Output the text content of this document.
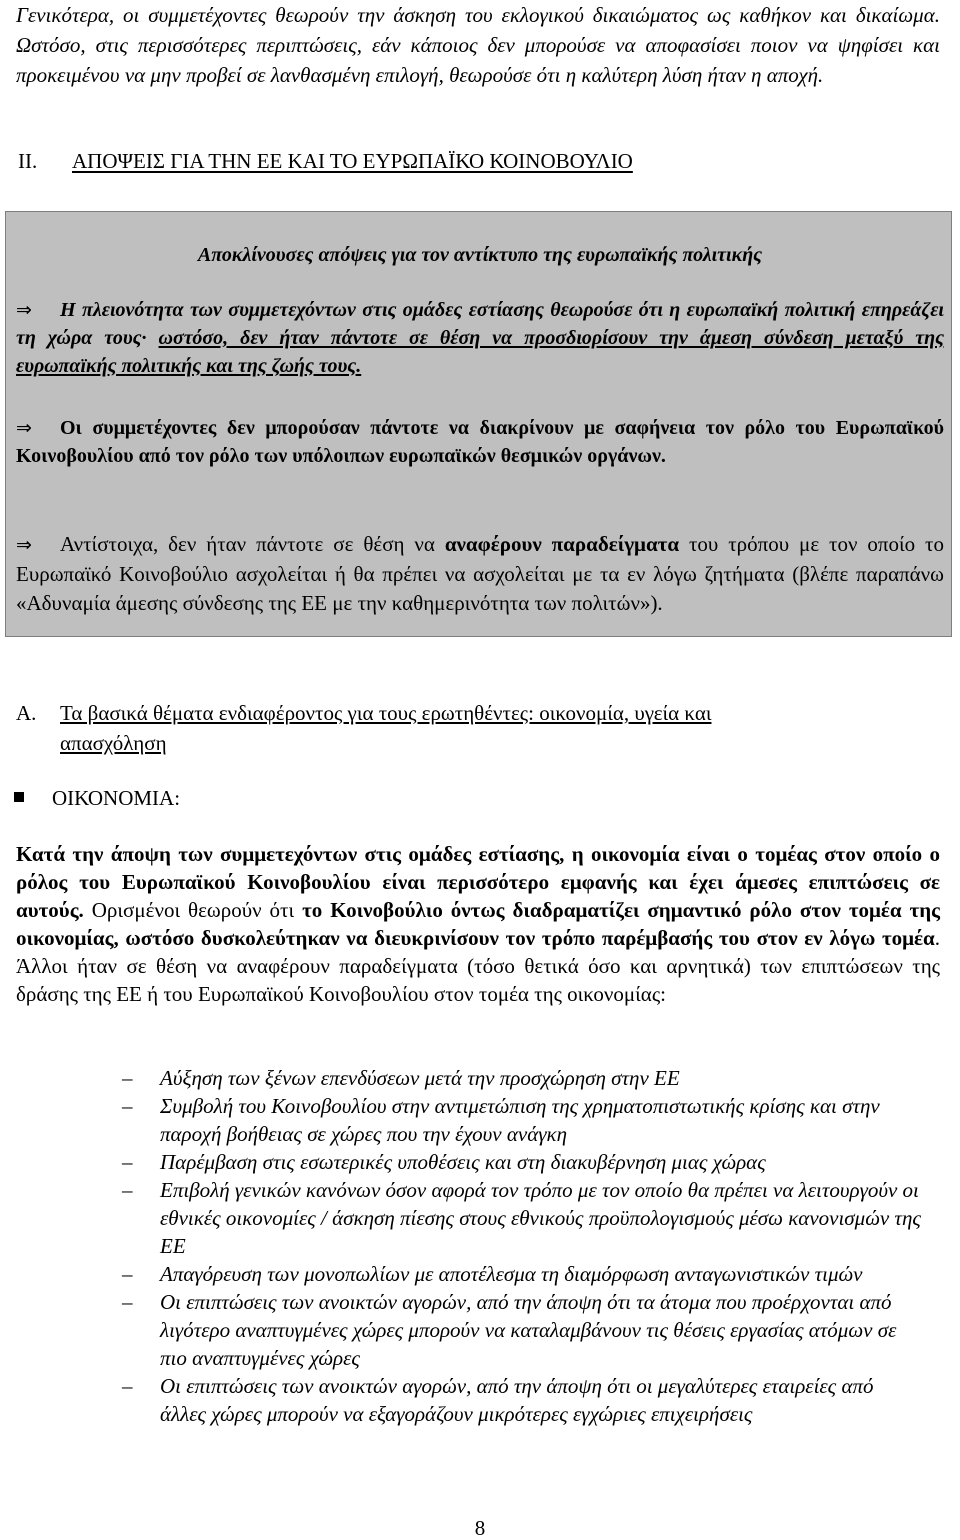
Γενικότερα, οι συμμετέχοντες θεωρούν την άσκηση του εκλογικού δικαιώματος ως καθήκον και δικαίωμα. Ωστόσο, στις περισσότερες περιπτώσεις, εάν κάποιος δεν μπορούσε να αποφασίσει ποιον να ψηφίσει και προκειμένου να μην προβεί σε λανθασμένη επιλογή, θεωρούσε ότι η καλύτερη λύση ήταν η αποχή.
II. ΑΠΟΨΕΙΣ ΓΙΑ ΤΗΝ ΕΕ ΚΑΙ ΤΟ ΕΥΡΩΠΑΪΚΟ ΚΟΙΝΟΒΟΥΛΙΟ
Αποκλίνουσες απόψεις για τον αντίκτυπο της ευρωπαϊκής πολιτικής
⇒ Η πλειονότητα των συμμετεχόντων στις ομάδες εστίασης θεωρούσε ότι η ευρωπαϊκή πολιτική επηρεάζει τη χώρα τους· ωστόσο, δεν ήταν πάντοτε σε θέση να προσδιορίσουν την άμεση σύνδεση μεταξύ της ευρωπαϊκής πολιτικής και της ζωής τους.
⇒ Οι συμμετέχοντες δεν μπορούσαν πάντοτε να διακρίνουν με σαφήνεια τον ρόλο του Ευρωπαϊκού Κοινοβουλίου από τον ρόλο των υπόλοιπων ευρωπαϊκών θεσμικών οργάνων.
⇒ Αντίστοιχα, δεν ήταν πάντοτε σε θέση να αναφέρουν παραδείγματα του τρόπου με τον οποίο το Ευρωπαϊκό Κοινοβούλιο ασχολείται ή θα πρέπει να ασχολείται με τα εν λόγω ζητήματα (βλέπε παραπάνω «Αδυναμία άμεσης σύνδεσης της ΕΕ με την καθημερινότητα των πολιτών»).
Α. Τα βασικά θέματα ενδιαφέροντος για τους ερωτηθέντες: οικονομία, υγεία και
απασχόληση
ΟΙΚΟΝΟΜΙΑ:
Κατά την άποψη των συμμετεχόντων στις ομάδες εστίασης, η οικονομία είναι ο τομέας στον οποίο ο ρόλος του Ευρωπαϊκού Κοινοβουλίου είναι περισσότερο εμφανής και έχει άμεσες επιπτώσεις σε αυτούς. Ορισμένοι θεωρούν ότι το Κοινοβούλιο όντως διαδραματίζει σημαντικό ρόλο στον τομέα της οικονομίας, ωστόσο δυσκολεύτηκαν να διευκρινίσουν τον τρόπο παρέμβασής του στον εν λόγω τομέα. Άλλοι ήταν σε θέση να αναφέρουν παραδείγματα (τόσο θετικά όσο και αρνητικά) των επιπτώσεων της δράσης της ΕΕ ή του Ευρωπαϊκού Κοινοβουλίου στον τομέα της οικονομίας:
– Αύξηση των ξένων επενδύσεων μετά την προσχώρηση στην ΕΕ
– Συμβολή του Κοινοβουλίου στην αντιμετώπιση της χρηματοπιστωτικής κρίσης και στην παροχή βοήθειας σε χώρες που την έχουν ανάγκη
– Παρέμβαση στις εσωτερικές υποθέσεις και στη διακυβέρνηση μιας χώρας
– Επιβολή γενικών κανόνων όσον αφορά τον τρόπο με τον οποίο θα πρέπει να λειτουργούν οι εθνικές οικονομίες / άσκηση πίεσης στους εθνικούς προϋπολογισμούς μέσω κανονισμών της ΕΕ
– Απαγόρευση των μονοπωλίων με αποτέλεσμα τη διαμόρφωση ανταγωνιστικών τιμών
– Οι επιπτώσεις των ανοικτών αγορών, από την άποψη ότι τα άτομα που προέρχονται από λιγότερο αναπτυγμένες χώρες μπορούν να καταλαμβάνουν τις θέσεις εργασίας ατόμων σε πιο αναπτυγμένες χώρες
– Οι επιπτώσεις των ανοικτών αγορών, από την άποψη ότι οι μεγαλύτερες εταιρείες από άλλες χώρες μπορούν να εξαγοράζουν μικρότερες εγχώριες επιχειρήσεις
8
